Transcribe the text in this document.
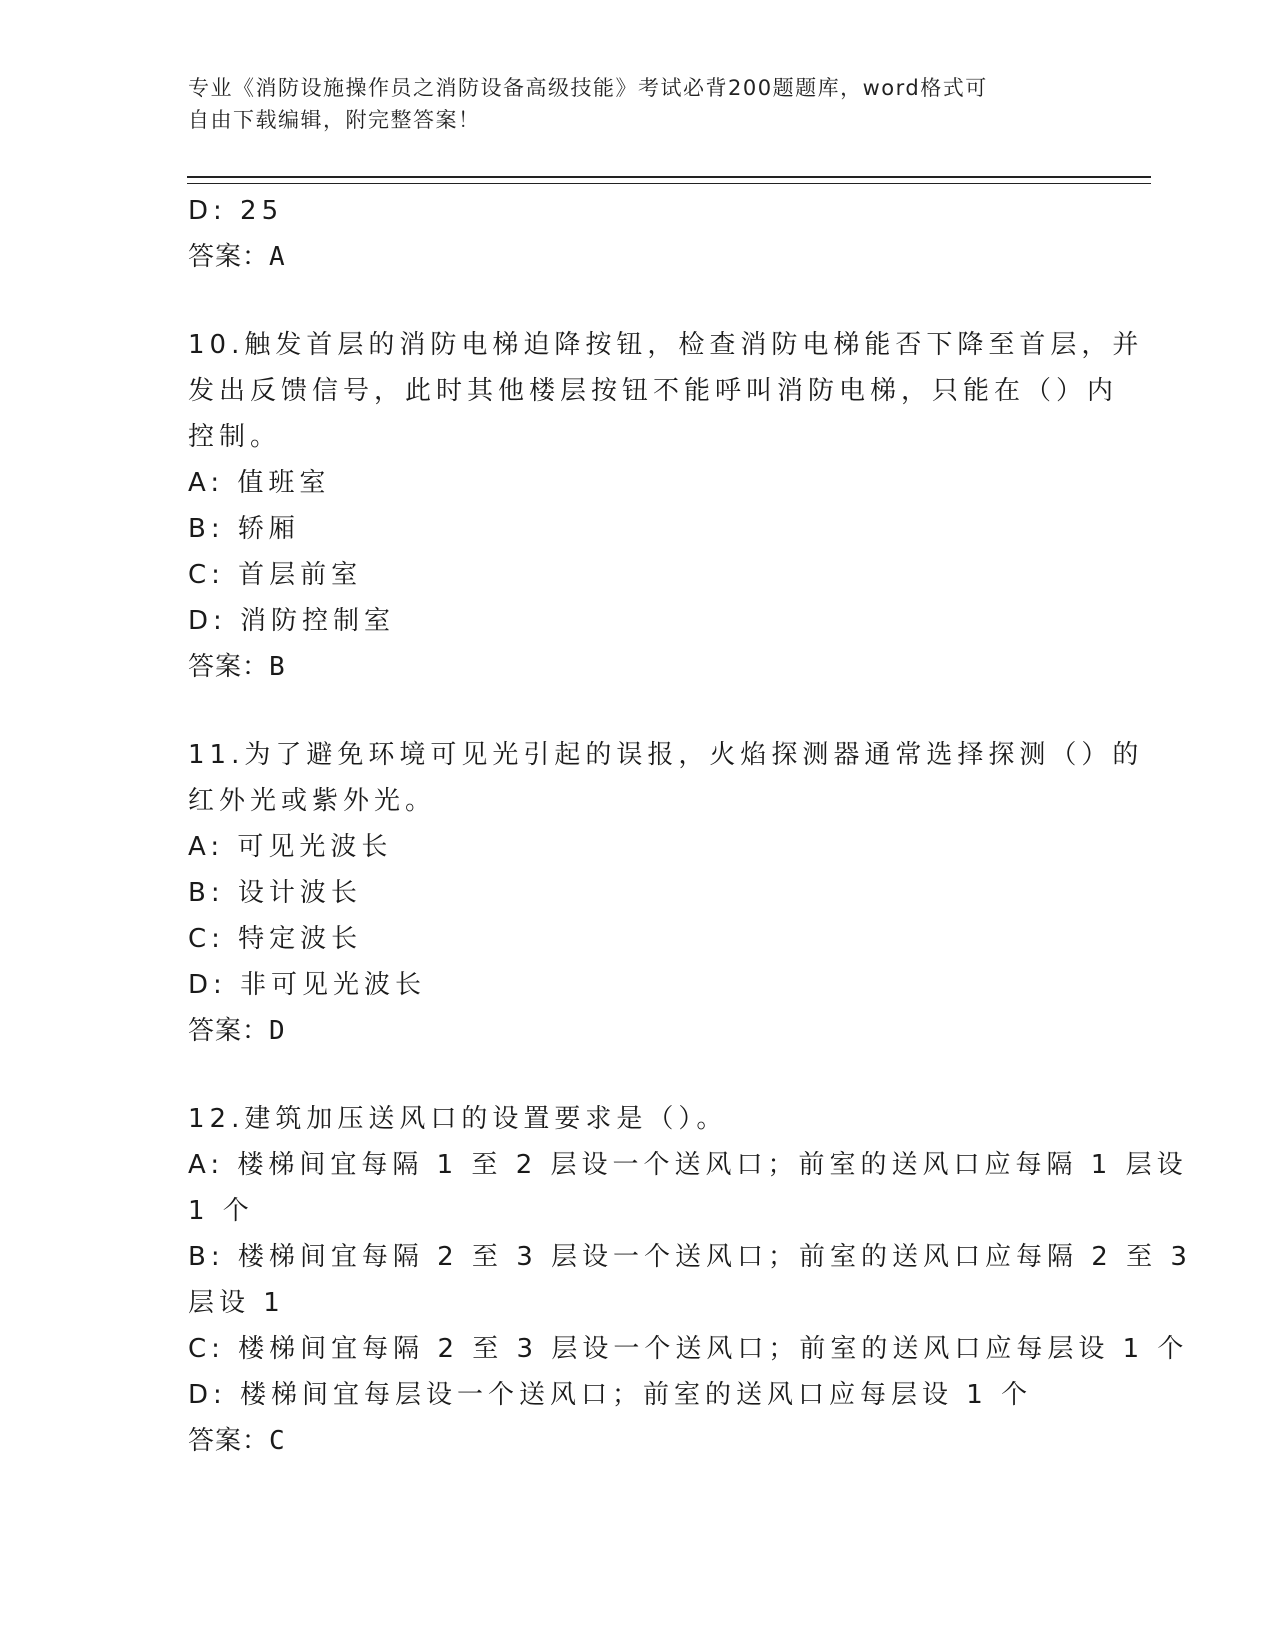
专业《消防设施操作员之消防设备高级技能》考试必背200题题库，word格式可
自由下载编辑，附完整答案！
D: 25
答案：A
10.触发首层的消防电梯迫降按钮，检查消防电梯能否下降至首层，并
发出反馈信号，此时其他楼层按钮不能呼叫消防电梯，只能在（）内
控制。
A: 值班室
B: 轿厢
C: 首层前室
D: 消防控制室
答案：B
11.为了避免环境可见光引起的误报，火焰探测器通常选择探测（）的
红外光或紫外光。
A: 可见光波长
B: 设计波长
C: 特定波长
D: 非可见光波长
答案：D
12.建筑加压送风口的设置要求是（）。
A: 楼梯间宜每隔 1 至 2 层设一个送风口；前室的送风口应每隔 1 层设
1 个
B: 楼梯间宜每隔 2 至 3 层设一个送风口；前室的送风口应每隔 2 至 3
层设 1
C: 楼梯间宜每隔 2 至 3 层设一个送风口；前室的送风口应每层设 1 个
D: 楼梯间宜每层设一个送风口；前室的送风口应每层设 1 个
答案：C
